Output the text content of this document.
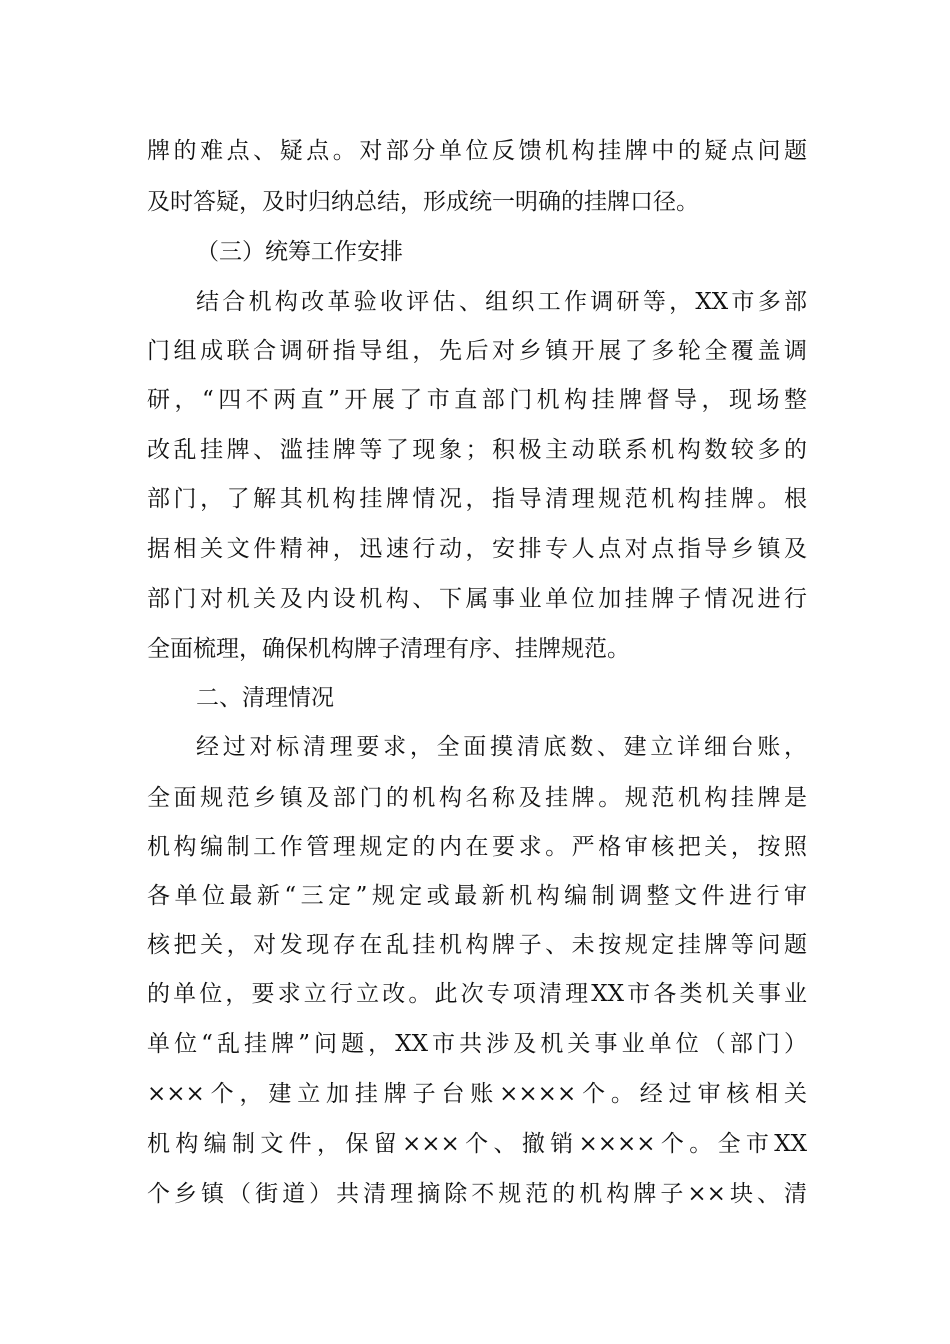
牌的难点、疑点。对部分单位反馈机构挂牌中的疑点问题
及时答疑，及时归纳总结，形成统一明确的挂牌口径。
（三）统筹工作安排
结合机构改革验收评估、组织工作调研等，XX市多部
门组成联合调研指导组，先后对乡镇开展了多轮全覆盖调
研，“四不两直”开展了市直部门机构挂牌督导，现场整
改乱挂牌、滥挂牌等了现象；积极主动联系机构数较多的
部门，了解其机构挂牌情况，指导清理规范机构挂牌。根
据相关文件精神，迅速行动，安排专人点对点指导乡镇及
部门对机关及内设机构、下属事业单位加挂牌子情况进行
全面梳理，确保机构牌子清理有序、挂牌规范。
二、清理情况
经过对标清理要求，全面摸清底数、建立详细台账，
全面规范乡镇及部门的机构名称及挂牌。规范机构挂牌是
机构编制工作管理规定的内在要求。严格审核把关，按照
各单位最新“三定”规定或最新机构编制调整文件进行审
核把关，对发现存在乱挂机构牌子、未按规定挂牌等问题
的单位，要求立行立改。此次专项清理XX市各类机关事业
单位“乱挂牌”问题，XX市共涉及机关事业单位（部门）
×××个，建立加挂牌子台账××××个。经过审核相关
机构编制文件，保留×××个、撤销××××个。全市XX
个乡镇（街道）共清理摘除不规范的机构牌子××块、清
